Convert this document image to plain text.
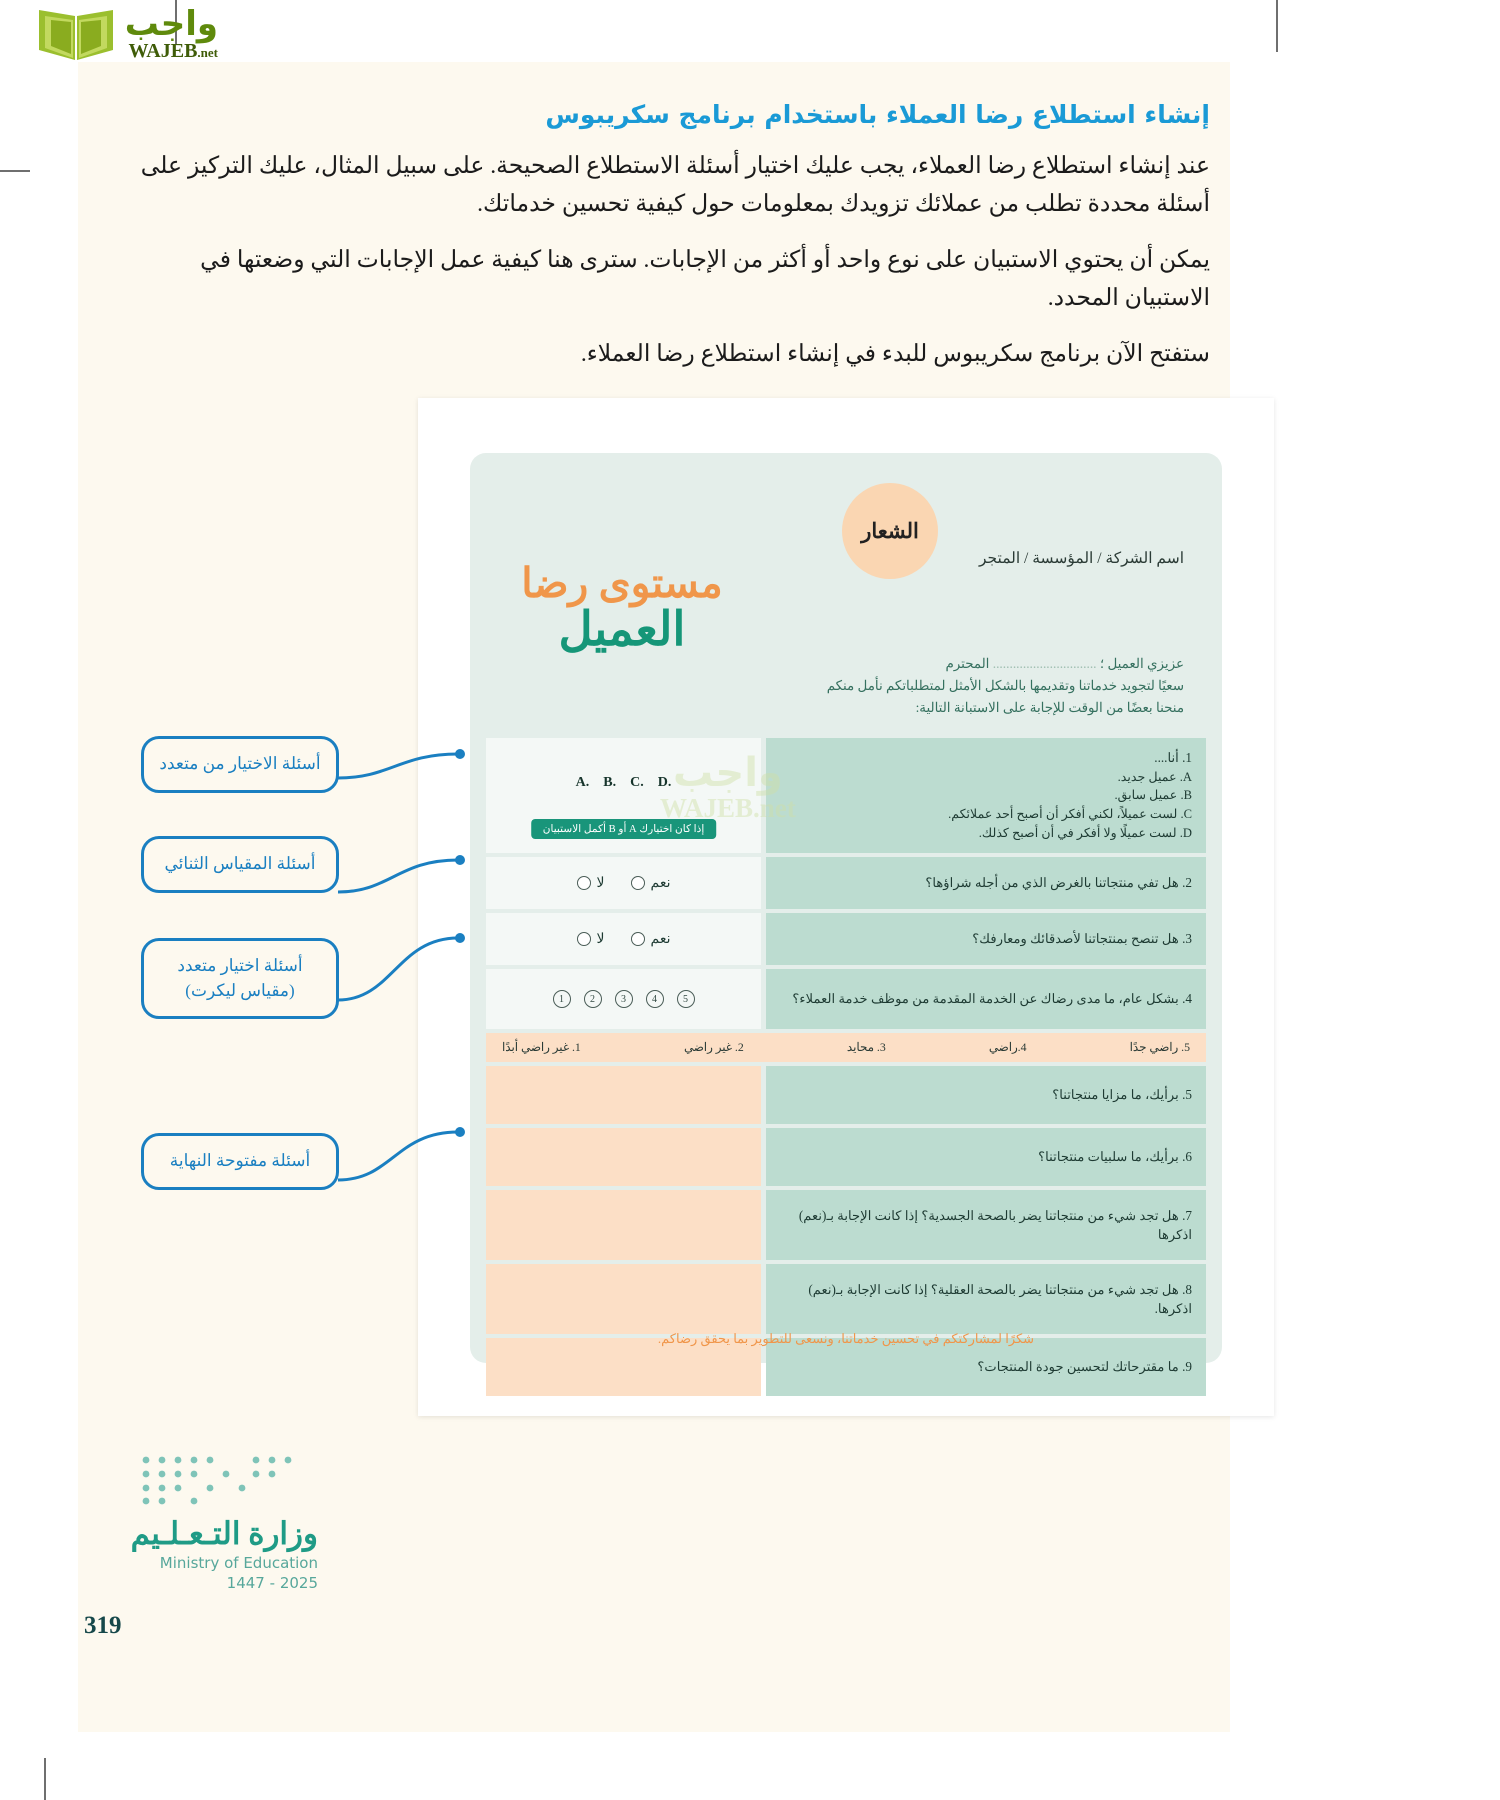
واجب
WAJEB.net
إنشاء استطلاع رضا العملاء باستخدام برنامج سكريبوس

عند إنشاء استطلاع رضا العملاء، يجب عليك اختيار أسئلة الاستطلاع الصحيحة. على سبيل المثال، عليك التركيز على أسئلة محددة تطلب من عملائك تزويدك بمعلومات حول كيفية تحسين خدماتك.

يمكن أن يحتوي الاستبيان على نوع واحد أو أكثر من الإجابات. سترى هنا كيفية عمل الإجابات التي وضعتها في الاستبيان المحدد.

ستفتح الآن برنامج سكريبوس للبدء في إنشاء استطلاع رضا العملاء.

الشعار
اسم الشركة / المؤسسة / المتجر
مستوى رضا
العميل
عزيزي العميل ؛ ............................... المحترم
سعيًا لتجويد خدماتنا وتقديمها بالشكل الأمثل لمتطلباتكم نأمل منكم
منحنا بعضًا من الوقت للإجابة على الاستبانة التالية:
واجب
WAJEB.net
1. أنا....
A. عميل جديد.
B. عميل سابق.
C. لست عميلاً، لكني أفكر أن أصبح أحد عملائكم.
D. لست عميلًا ولا أفكر في أن أصبح كذلك.
A. B. C. D.
إذا كان اختيارك A أو B أكمل الاستبيان
2. هل تفي منتجاتنا بالغرض الذي من أجله شراؤها؟
نعم
لا
3. هل تنصح بمنتجاتنا لأصدقائك ومعارفك؟
نعم
لا
4. بشكل عام، ما مدى رضاك عن الخدمة المقدمة من موظف خدمة العملاء؟
1	2	3	4	5
1. غير راضي أبدًا	2. غير راضي	3. محايد	4.راضي	5. راضي جدًا
5. برأيك، ما مزايا منتجاتنا؟
6. برأيك، ما سلبيات منتجاتنا؟
7. هل تجد شيء من منتجاتنا يضر بالصحة الجسدية؟ إذا كانت الإجابة بـ(نعم) اذكرها
8. هل تجد شيء من منتجاتنا يضر بالصحة العقلية؟ إذا كانت الإجابة بـ(نعم) اذكرها.
9. ما مقترحاتك لتحسين جودة المنتجات؟
شكرًا لمشاركتكم في تحسين خدماتنا، ونسعى للتطوير بما يحقق رضاكم.
أسئلة الاختيار من متعدد
أسئلة المقياس الثنائي
أسئلة اختيار متعدد (مقياس ليكرت)
أسئلة مفتوحة النهاية
وزارة التـعـلـيم
Ministry of Education
2025 - 1447
319
